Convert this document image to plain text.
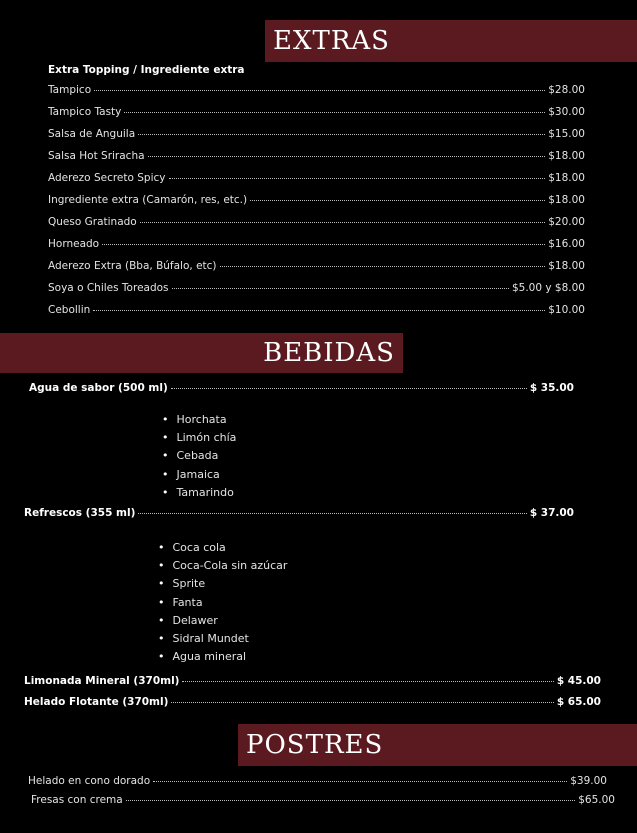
EXTRAS
Extra Topping / Ingrediente extra
Tampico	$28.00
Tampico Tasty	$30.00
Salsa de Anguila	$15.00
Salsa Hot Sriracha	$18.00
Aderezo Secreto Spicy	$18.00
Ingrediente extra (Camarón, res, etc.)	$18.00
Queso Gratinado	$20.00
Horneado	$16.00
Aderezo Extra (Bba, Búfalo, etc)	$18.00
Soya o Chiles Toreados	$5.00 y $8.00
Cebollin	$10.00
BEBIDAS
Agua de sabor (500 ml)	$ 35.00
• Horchata
• Limón chía
• Cebada
• Jamaica
• Tamarindo
Refrescos (355 ml)	$ 37.00
• Coca cola
• Coca-Cola sin azúcar
• Sprite
• Fanta
• Delawer
• Sidral Mundet
• Agua mineral
Limonada Mineral (370ml)	$ 45.00
Helado Flotante (370ml)	$ 65.00
POSTRES
Helado en cono dorado	$39.00
Fresas con crema	$65.00
